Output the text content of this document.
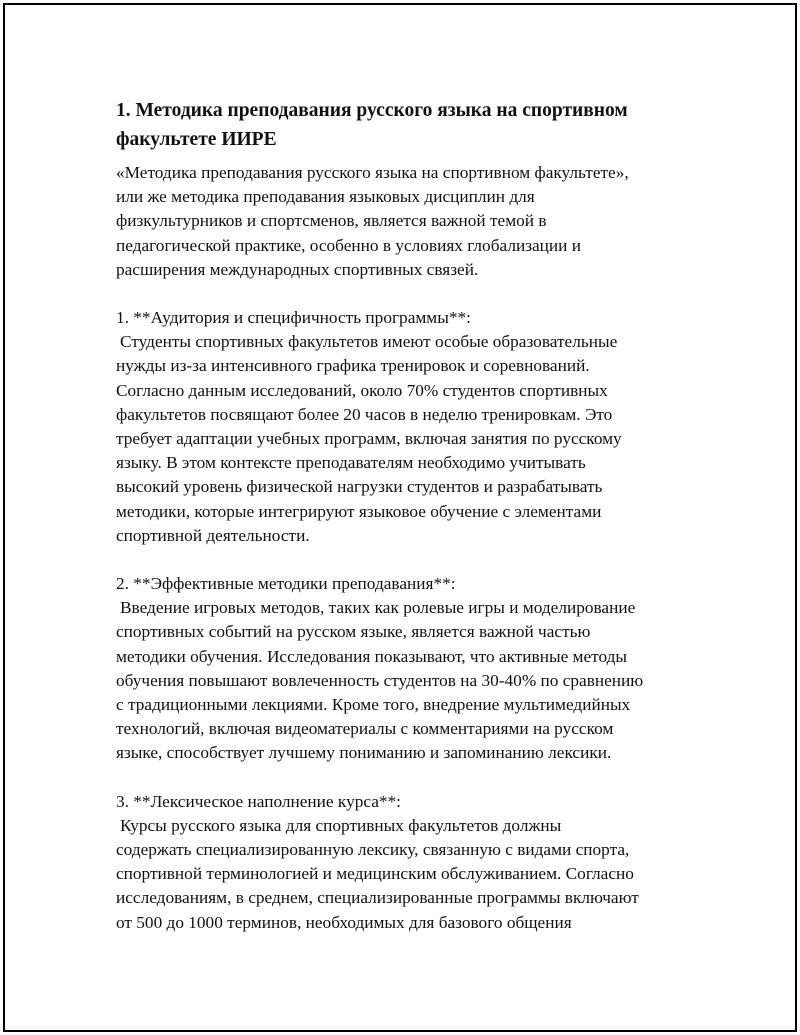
1. Методика преподавания русского языка на спортивном
факультете ИИРЕ
«Методика преподавания русского языка на спортивном факультете»,
или же методика преподавания языковых дисциплин для
физкультурников и спортсменов, является важной темой в
педагогической практике, особенно в условиях глобализации и
расширения международных спортивных связей.
1. **Аудитория и специфичность программы**:
Студенты спортивных факультетов имеют особые образовательные
нужды из-за интенсивного графика тренировок и соревнований.
Согласно данным исследований, около 70% студентов спортивных
факультетов посвящают более 20 часов в неделю тренировкам. Это
требует адаптации учебных программ, включая занятия по русскому
языку. В этом контексте преподавателям необходимо учитывать
высокий уровень физической нагрузки студентов и разрабатывать
методики, которые интегрируют языковое обучение с элементами
спортивной деятельности.
2. **Эффективные методики преподавания**:
Введение игровых методов, таких как ролевые игры и моделирование
спортивных событий на русском языке, является важной частью
методики обучения. Исследования показывают, что активные методы
обучения повышают вовлеченность студентов на 30-40% по сравнению
с традиционными лекциями. Кроме того, внедрение мультимедийных
технологий, включая видеоматериалы с комментариями на русском
языке, способствует лучшему пониманию и запоминанию лексики.
3. **Лексическое наполнение курса**:
Курсы русского языка для спортивных факультетов должны
содержать специализированную лексику, связанную с видами спорта,
спортивной терминологией и медицинским обслуживанием. Согласно
исследованиям, в среднем, специализированные программы включают
от 500 до 1000 терминов, необходимых для базового общения
